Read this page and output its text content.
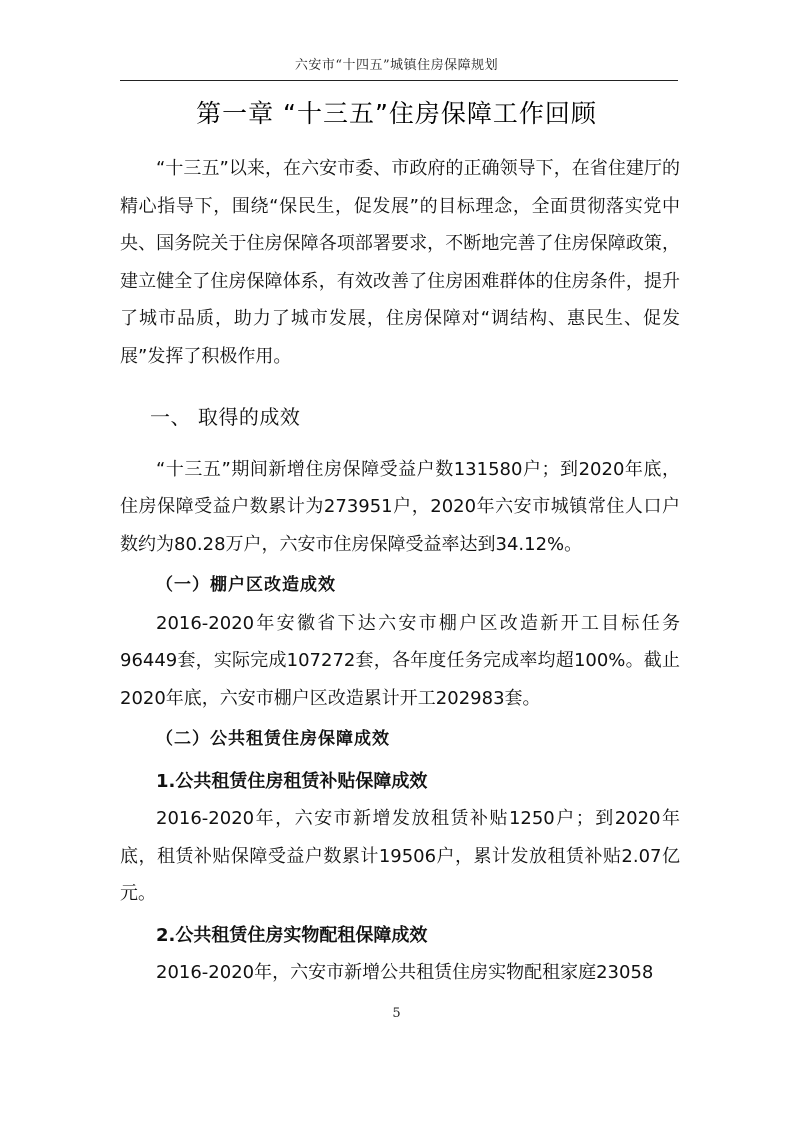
六安市“十四五”城镇住房保障规划
第一章 “十三五”住房保障工作回顾

“十三五”以来，在六安市委、市政府的正确领导下，在省住建厅的精心指导下，围绕“保民生，促发展”的目标理念，全面贯彻落实党中央、国务院关于住房保障各项部署要求，不断地完善了住房保障政策，建立健全了住房保障体系，有效改善了住房困难群体的住房条件，提升了城市品质，助力了城市发展，住房保障对“调结构、惠民生、促发展”发挥了积极作用。

一、 取得的成效

“十三五”期间新增住房保障受益户数131580户；到2020年底，住房保障受益户数累计为273951户，2020年六安市城镇常住人口户数约为80.28万户，六安市住房保障受益率达到34.12%。

（一）棚户区改造成效

2016-2020年安徽省下达六安市棚户区改造新开工目标任务96449套，实际完成107272套，各年度任务完成率均超100%。截止2020年底，六安市棚户区改造累计开工202983套。

（二）公共租赁住房保障成效
1.公共租赁住房租赁补贴保障成效

2016-2020年，六安市新增发放租赁补贴1250户；到2020年底，租赁补贴保障受益户数累计19506户，累计发放租赁补贴2.07亿元。

2.公共租赁住房实物配租保障成效

2016-2020年，六安市新增公共租赁住房实物配租家庭23058

5
